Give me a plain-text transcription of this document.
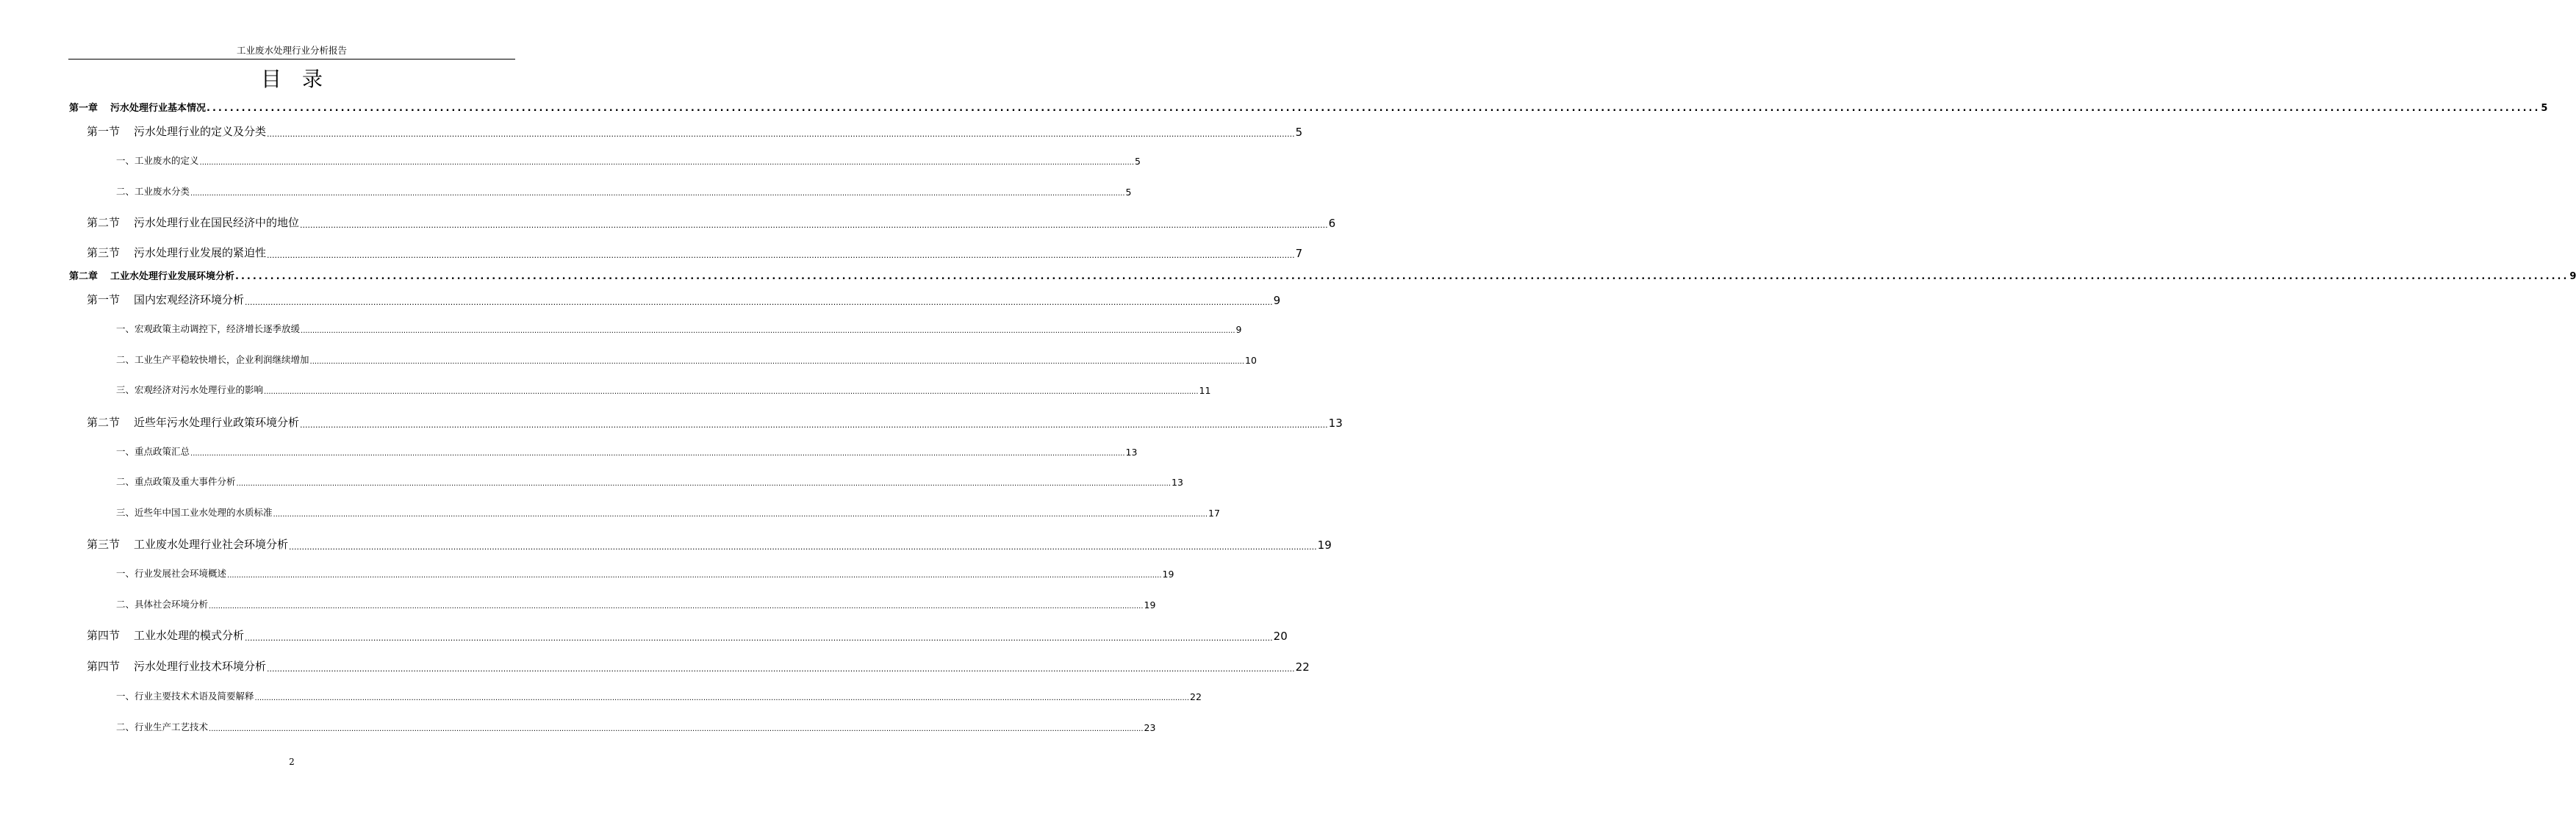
工业废水处理行业分析报告
目录
第一章	污水处理行业基本情况 ................................................................................................................................................................................................................................................................................................................................................................................................................ 5
第一节	污水处理行业的定义及分类 ................................................................................................................................................................................................................................................................................................................................................................................................................ 5
一、工业废水的定义 ................................................................................................................................................................................................................................................................................................................................................................................................................ 5
二、工业废水分类 ................................................................................................................................................................................................................................................................................................................................................................................................................ 5
第二节	污水处理行业在国民经济中的地位 ................................................................................................................................................................................................................................................................................................................................................................................................................ 6
第三节	污水处理行业发展的紧迫性 ................................................................................................................................................................................................................................................................................................................................................................................................................ 7
第二章	工业水处理行业发展环境分析 ................................................................................................................................................................................................................................................................................................................................................................................................................ 9
第一节	国内宏观经济环境分析 ................................................................................................................................................................................................................................................................................................................................................................................................................ 9
一、宏观政策主动调控下，经济增长逐季放缓 ................................................................................................................................................................................................................................................................................................................................................................................................................ 9
二、工业生产平稳较快增长，企业利润继续增加 ................................................................................................................................................................................................................................................................................................................................................................................................................ 10
三、宏观经济对污水处理行业的影响 ................................................................................................................................................................................................................................................................................................................................................................................................................ 11
第二节	近些年污水处理行业政策环境分析 ................................................................................................................................................................................................................................................................................................................................................................................................................ 13
一、重点政策汇总 ................................................................................................................................................................................................................................................................................................................................................................................................................ 13
二、重点政策及重大事件分析 ................................................................................................................................................................................................................................................................................................................................................................................................................ 13
三、近些年中国工业水处理的水质标准 ................................................................................................................................................................................................................................................................................................................................................................................................................ 17
第三节	工业废水处理行业社会环境分析 ................................................................................................................................................................................................................................................................................................................................................................................................................ 19
一、行业发展社会环境概述 ................................................................................................................................................................................................................................................................................................................................................................................................................ 19
二、具体社会环境分析 ................................................................................................................................................................................................................................................................................................................................................................................................................ 19
第四节	工业水处理的模式分析 ................................................................................................................................................................................................................................................................................................................................................................................................................ 20
第四节	污水处理行业技术环境分析 ................................................................................................................................................................................................................................................................................................................................................................................................................ 22
一、行业主要技术术语及简要解释 ................................................................................................................................................................................................................................................................................................................................................................................................................ 22
二、行业生产工艺技术 ................................................................................................................................................................................................................................................................................................................................................................................................................ 23
2
